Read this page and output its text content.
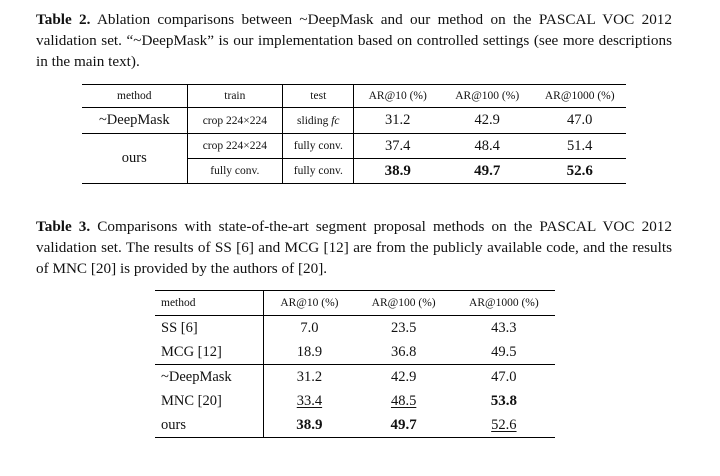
Table 2. Ablation comparisons between ~DeepMask and our method on the PASCAL VOC 2012 validation set. “~DeepMask” is our implementation based on controlled settings (see more descriptions in the main text).
method	train	test	AR@10 (%)	AR@100 (%)	AR@1000 (%)
~DeepMask	crop 224×224	sliding fc	31.2	42.9	47.0
ours	crop 224×224	fully conv.	37.4	48.4	51.4
	fully conv.	fully conv.	38.9	49.7	52.6
Table 3. Comparisons with state-of-the-art segment proposal methods on the PASCAL VOC 2012 validation set. The results of SS [6] and MCG [12] are from the publicly available code, and the results of MNC [20] is provided by the authors of [20].
method	AR@10 (%)	AR@100 (%)	AR@1000 (%)
SS [6]	7.0	23.5	43.3
MCG [12]	18.9	36.8	49.5
~DeepMask	31.2	42.9	47.0
MNC [20]	33.4	48.5	53.8
ours	38.9	49.7	52.6
